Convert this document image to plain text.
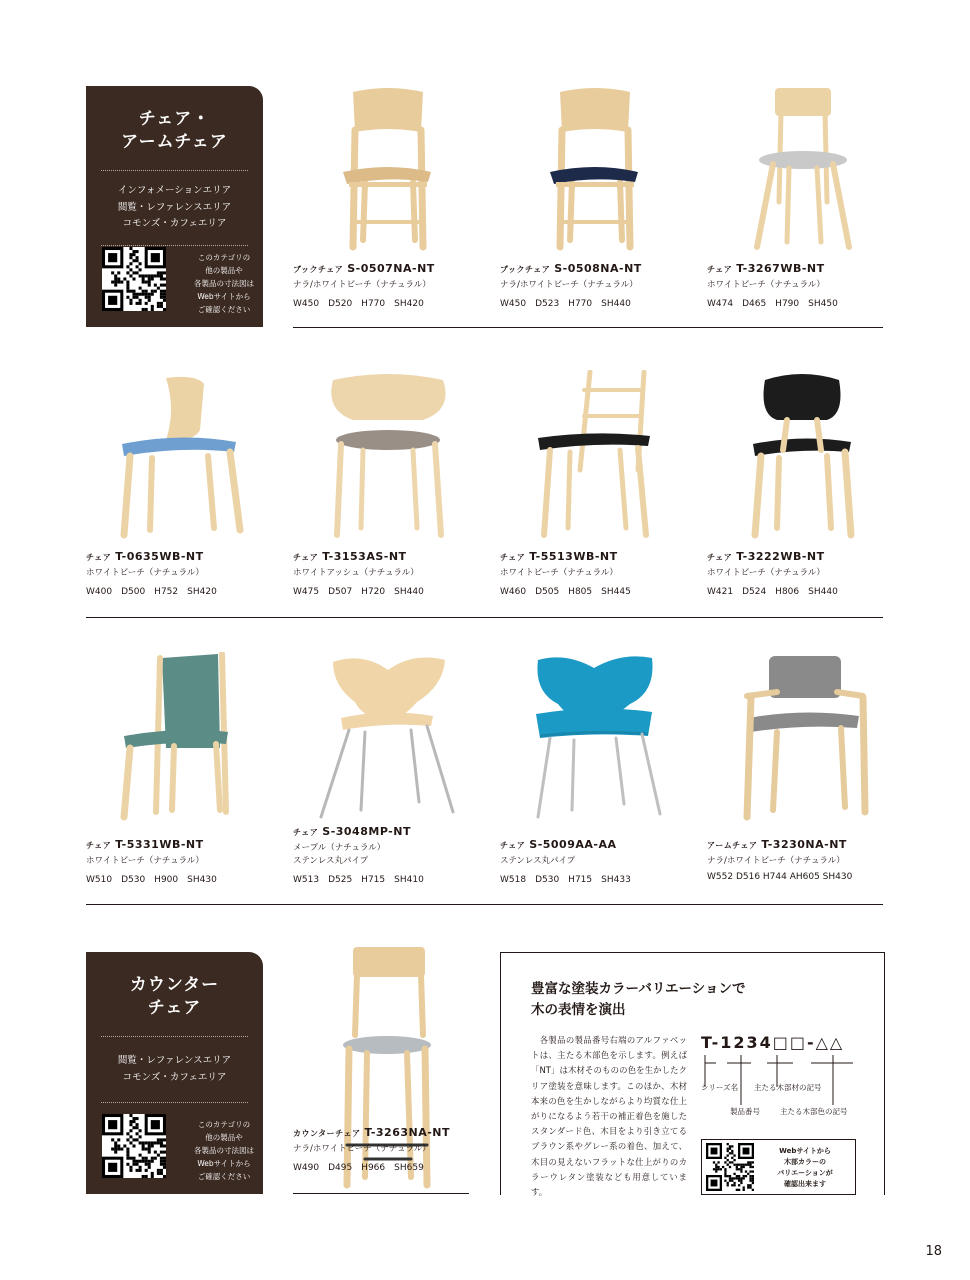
チェア・
アームチェア
インフォメーションエリア
閲覧・レファレンスエリア
コモンズ・カフェエリア
このカテゴリの
他の製品や
各製品の寸法図は
Webサイトから
ご確認ください
カウンター
チェア
閲覧・レファレンスエリア
コモンズ・カフェエリア
このカテゴリの
他の製品や
各製品の寸法図は
Webサイトから
ご確認ください
ブックチェア S-0507NA-NT
ナラ/ホワイトビーチ（ナチュラル）
W450　D520　H770　SH420
ブックチェア S-0508NA-NT
ナラ/ホワイトビーチ（ナチュラル）
W450　D523　H770　SH440
チェア T-3267WB-NT
ホワイトビーチ（ナチュラル）
W474　D465　H790　SH450
チェア T-0635WB-NT
ホワイトビーチ（ナチュラル）
W400　D500　H752　SH420
チェア T-3153AS-NT
ホワイトアッシュ（ナチュラル）
W475　D507　H720　SH440
チェア T-5513WB-NT
ホワイトビーチ（ナチュラル）
W460　D505　H805　SH445
チェア T-3222WB-NT
ホワイトビーチ（ナチュラル）
W421　D524　H806　SH440
チェア T-5331WB-NT
ホワイトビーチ（ナチュラル）
W510　D530　H900　SH430
チェア S-3048MP-NT
メープル（ナチュラル）
ステンレス丸パイプ
W513　D525　H715　SH410
チェア S-5009AA-AA
ステンレス丸パイプ
W518　D530　H715　SH433
アームチェア T-3230NA-NT
ナラ/ホワイトビーチ（ナチュラル）
W552 D516 H744 AH605 SH430
カウンターチェア T-3263NA-NT
ナラ/ホワイトビーチ（ナチュラル）
W490　D495　H966　SH659
豊富な塗装カラーバリエーションで
木の表情を演出
　各製品の製品番号右端のアルファベットは、主たる木部色を示します。例えば「NT」は木材そのものの色を生かしたクリア塗装を意味します。このほか、木材本来の色を生かしながらより均質な仕上がりになるよう若干の補正着色を施したスタンダード色、木目をより引き立てるブラウン系やグレー系の着色、加えて、木目の見えないフラットな仕上がりのカラーウレタン塗装なども用意しています。
T-1234□□-△△
シリーズ名 主たる木部材の記号
製品番号	主たる木部色の記号
Webサイトから
木部カラーの
バリエーションが
確認出来ます
18
